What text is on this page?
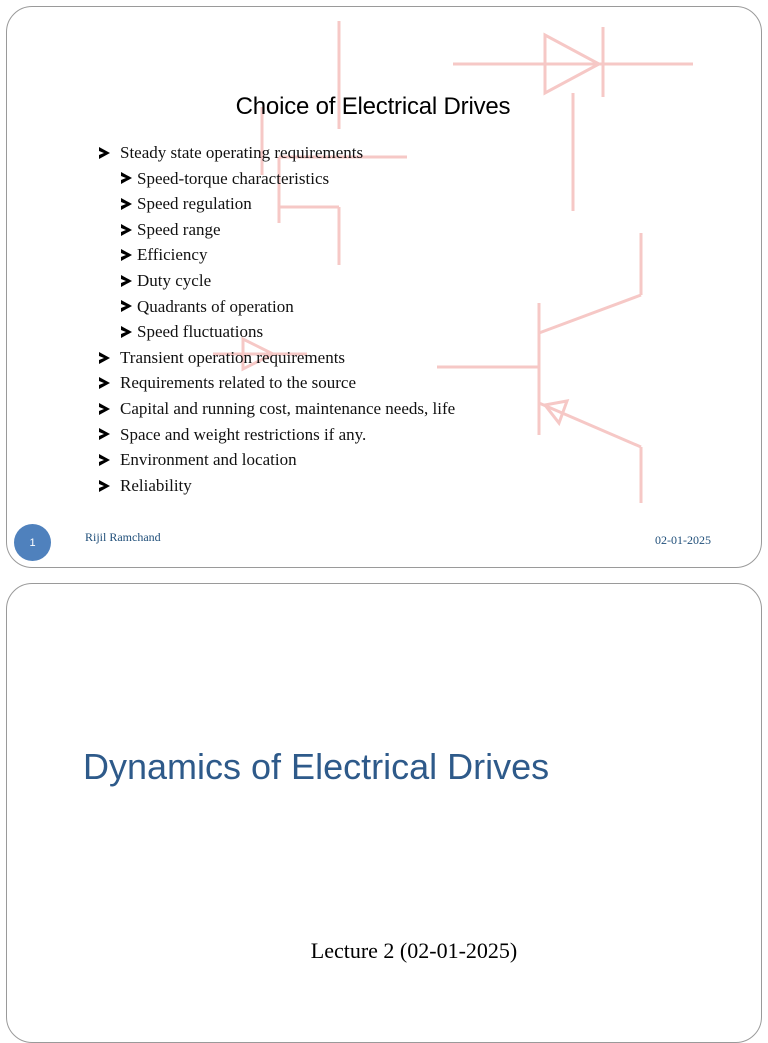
Choice of Electrical Drives
Steady state operating requirements
Speed-torque characteristics
Speed regulation
Speed range
Efficiency
Duty cycle
Quadrants of operation
Speed fluctuations
Transient operation requirements
Requirements related to the source
Capital and running cost, maintenance needs, life
Space and weight restrictions if any.
Environment and location
Reliability
1	Rijil Ramchand	02-01-2025
Dynamics of Electrical Drives
Lecture 2 (02-01-2025)
